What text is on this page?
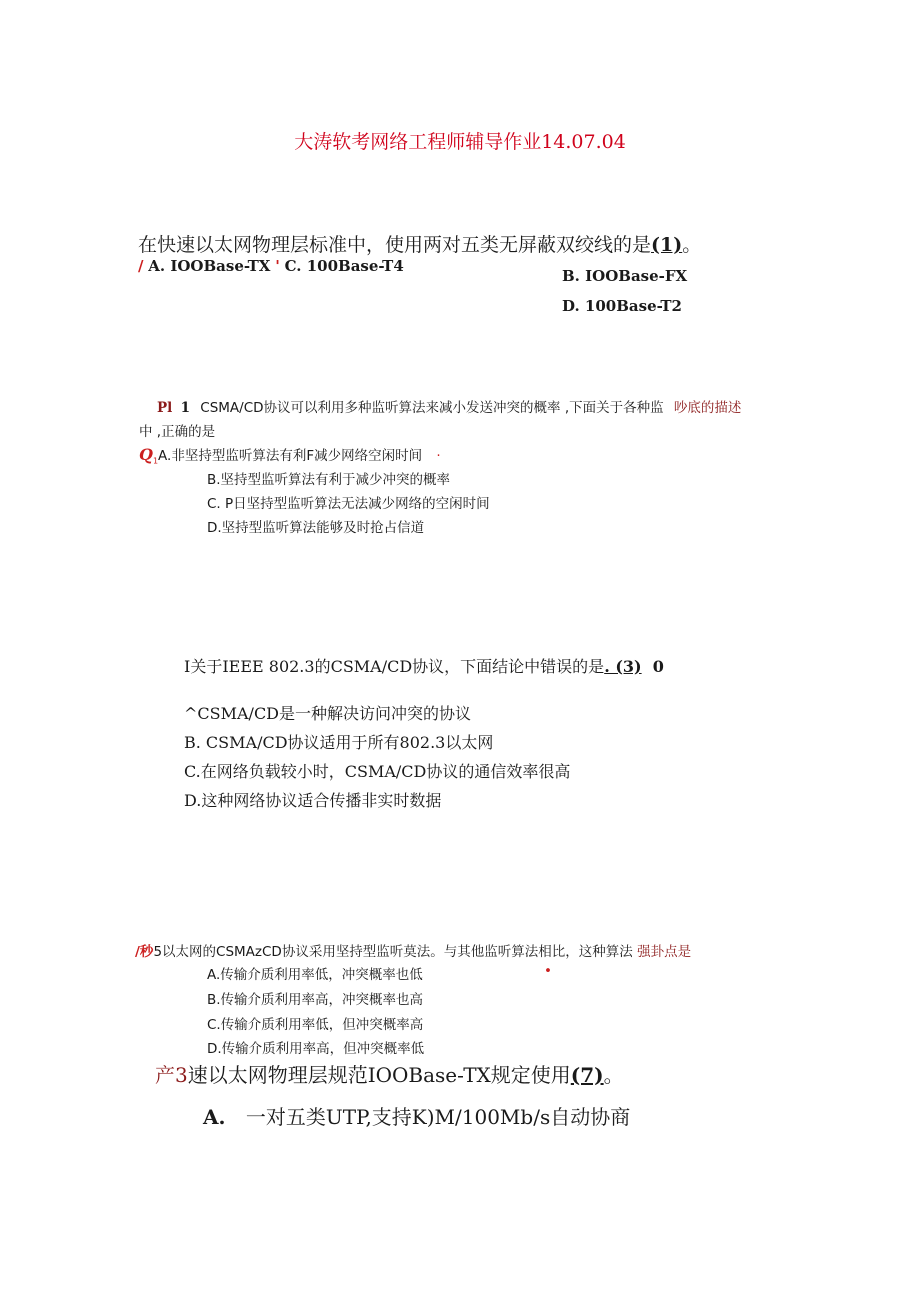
大涛软考网络工程师辅导作业14.07.04
在快速以太网物理层标准中，使用两对五类无屏蔽双绞线的是(1)。
/ A. IOOBase-TX ' C. 100Base-T4
B. IOOBase-FX
D. 100Base-T2
Pl 1 CSMA/CD协议可以利用多种监听算法来减小发送冲突的概率 ,下面关于各种监 吵底的描述
中 ,正确的是
$Q_1A$.非坚持型监听算法有利F减少网络空闲时间 ·
B.坚持型监听算法有利于减少冲突的概率
C. P日坚持型监听算法无法减少网络的空闲时间
D.坚持型监听算法能够及时抢占信道
I关于IEEE 802.3的CSMA/CD协议，下面结论中错误的是. (3) 0
^CSMA/CD是一种解决访问冲突的协议
B. CSMA/CD协议适用于所有802.3以太网
C.在网络负载较小时，CSMA/CD协议的通信效率很高
D.这种网络协议适合传播非实时数据
/秒5以太网的CSMAzCD协议采用坚持型监听莫法。与其他监听算法相比，这种算法 强卦点是
A.传输介质利用率低，冲突概率也低	•
B.传输介质利用率高，冲突概率也高
C.传输介质利用率低，但冲突概率高
D.传输介质利用率高，但冲突概率低
产3速以太网物理层规范IOOBase-TX规定使用(7)。
A. 一对五类UTP,支持K)M/100Mb/s自动协商
